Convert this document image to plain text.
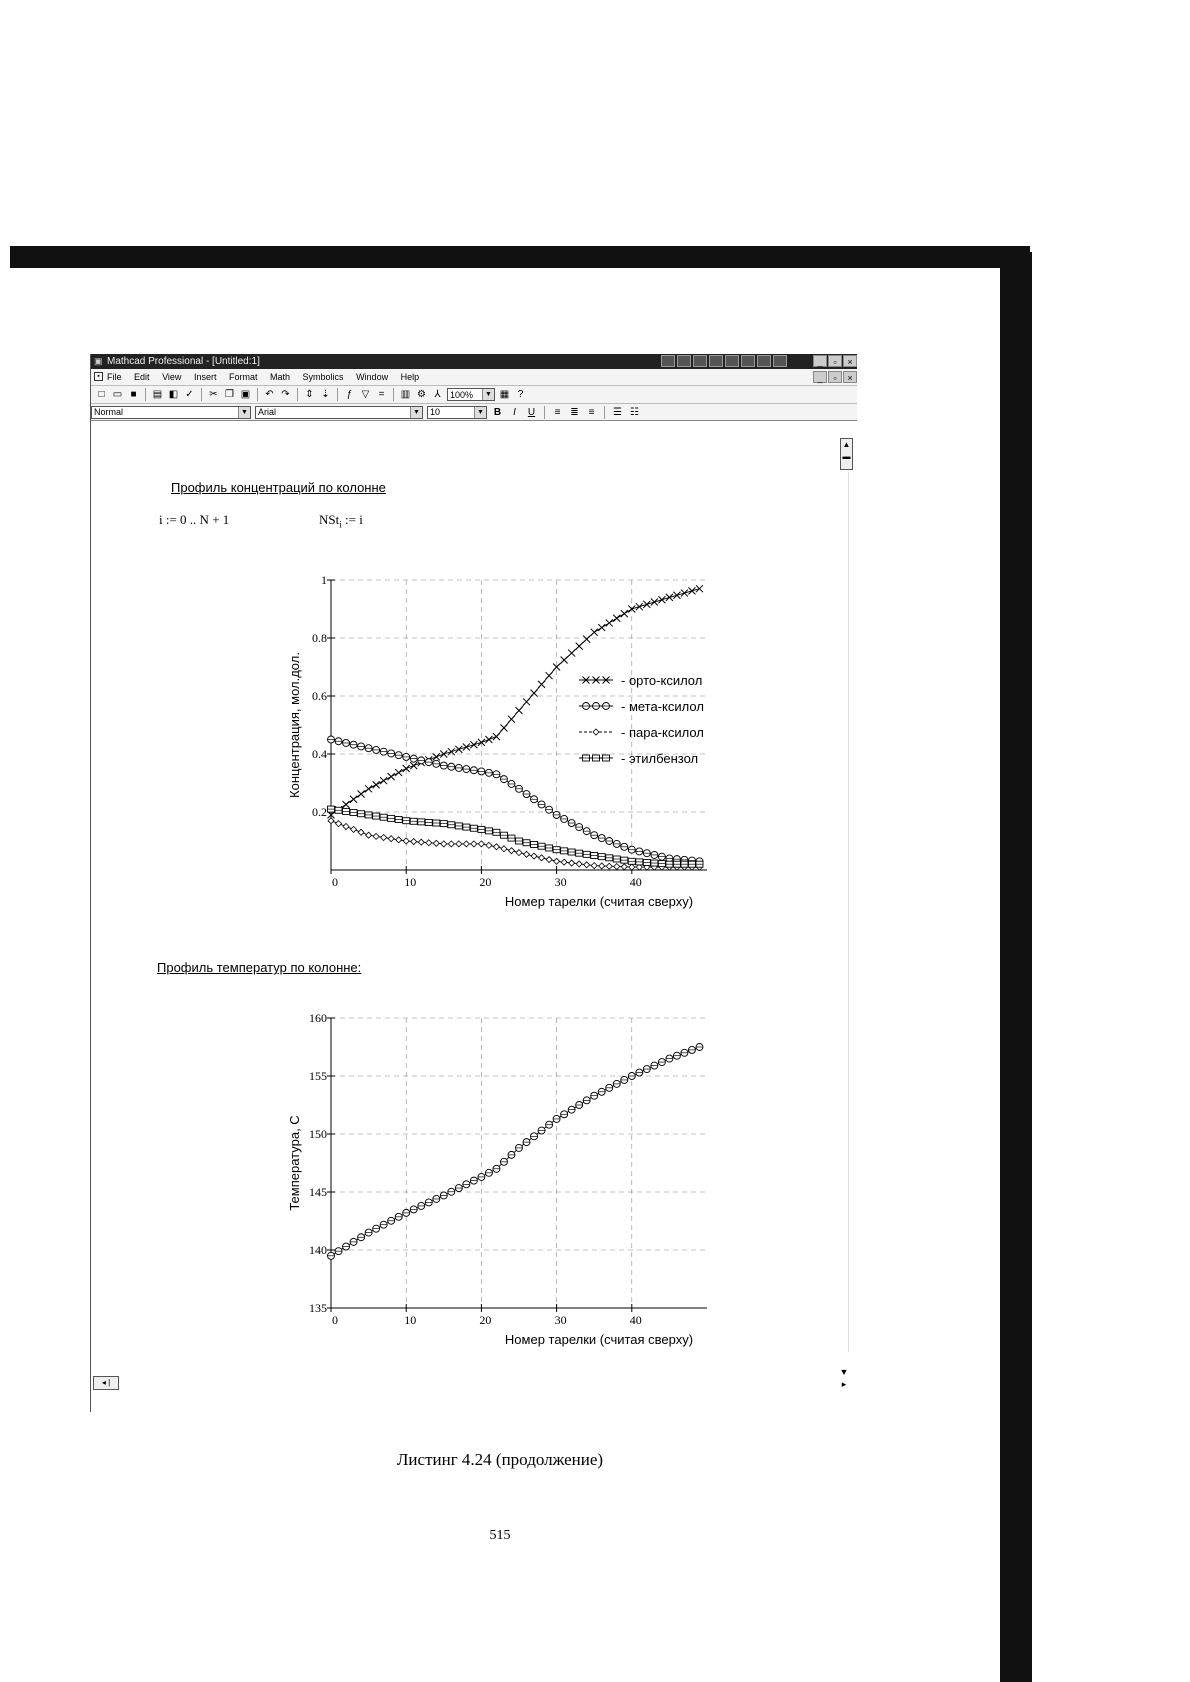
▣ Mathcad Professional - [Untitled:1]	_	▫	×
▪ File Edit View Insert Format Math Symbolics Window Help	_	▫	×
□ ▭ ■	▤ ◧ ✓ ✂ ❐ ▣ ↶ ↷ ⇕ ⇣	ƒ ▽ =	▥ ⚙ ⅄	100%	▼ ▦ ?
Normal	▼	Arial	▼	10	▼ B	I	U	≡ ≣ ≡	☰ ☷
▲
▬
◂ |
▼
▸
Профиль концентраций по колонне
i := 0 .. N + 1	NSt$_i$ := i
0	10	20	30	40
0.2
0.4
0.6
0.8
1
Номер тарелки (считая сверху)
Концентрация, мол.дол.	- орто-ксилол
- мета-ксилол
- пара-ксилол
- этилбензол
Профиль температур по колонне:
0	10	20	30	40
135
140
145
150
155
160
Номер тарелки (считая сверху)
Температура, С
Листинг 4.24 (продолжение)
515
